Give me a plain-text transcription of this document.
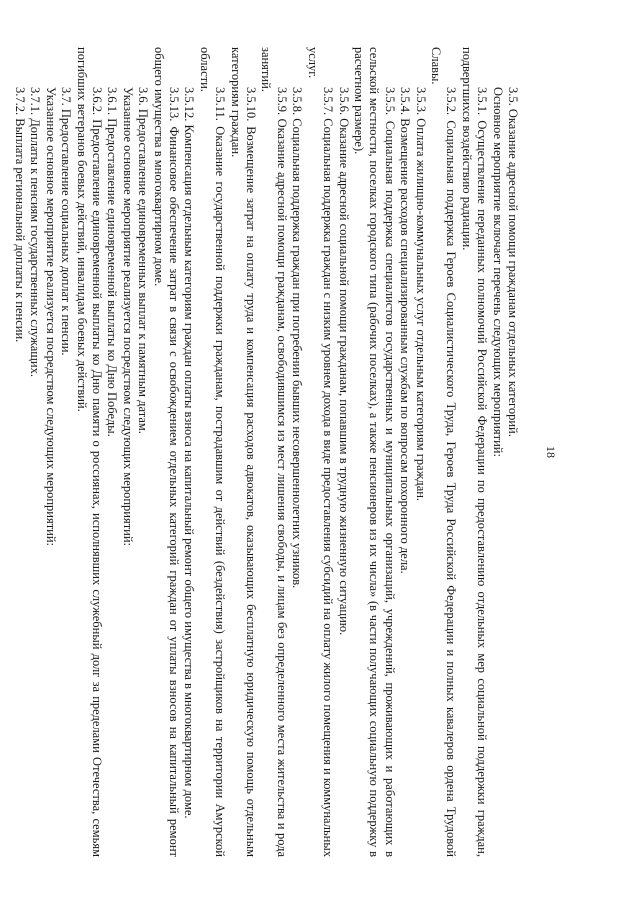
18

3.5. Оказание адресной помощи гражданам отдельных категорий.

Основное мероприятие включает перечень следующих мероприятий:

3.5.1. Осуществление переданных полномочий Российской Федерации по предоставлению отдельных мер социальной поддержки граждан, подвергшихся воздействию радиации.

3.5.2. Социальная поддержка Героев Социалистического Труда, Героев Труда Российской Федерации и полных кавалеров ордена Трудовой Славы.

3.5.3. Оплата жилищно-коммунальных услуг отдельным категориям граждан.

3.5.4. Возмещение расходов специализированным службам по вопросам похоронного дела.

3.5.5. Социальная поддержка специалистов государственных и муниципальных организаций, учреждений, проживающих и работающих в сельской местности, поселках городского типа (рабочих поселках), а также пенсионеров из их числа» (в части получающих социальную поддержку в расчетном размере).

3.5.6. Оказание адресной социальной помощи гражданам, попавшим в трудную жизненную ситуацию.

3.5.7. Социальная поддержка граждан с низким уровнем дохода в виде предоставления субсидий на оплату жилого помещения и коммунальных услуг.

3.5.8. Социальная поддержка граждан при погребении бывших несовершеннолетних узников.

3.5.9. Оказание адресной помощи гражданам, освободившимся из мест лишения свободы, и лицам без определенного места жительства и рода занятий.

3.5.10. Возмещение затрат на оплату труда и компенсация расходов адвокатов, оказывающих бесплатную юридическую помощь отдельным категориям граждан.

3.5.11. Оказание государственной поддержки гражданам, пострадавшим от действий (бездействия) застройщиков на территории Амурской области.

3.5.12. Компенсация отдельным категориям граждан оплаты взноса на капитальный ремонт общего имущества в многоквартирном доме.

3.5.13. Финансовое обеспечение затрат в связи с освобождением отдельных категорий граждан от уплаты взносов на капитальный ремонт общего имущества в многоквартирном доме.

3.6. Предоставление единовременных выплат к памятным датам.

Указанное основное мероприятие реализуется посредством следующих мероприятий:

3.6.1. Предоставление единовременной выплаты ко Дню Победы.

3.6.2. Предоставление единовременной выплаты ко Дню памяти о россиянах, исполнявших служебный долг за пределами Отечества, семьям погибших ветеранов боевых действий, инвалидам боевых действий.

3.7. Предоставление социальных доплат к пенсии.

Указанное основное мероприятие реализуется посредством следующих мероприятий:

3.7.1. Доплаты к пенсиям государственных служащих.

3.7.2. Выплата региональной доплаты к пенсии.
